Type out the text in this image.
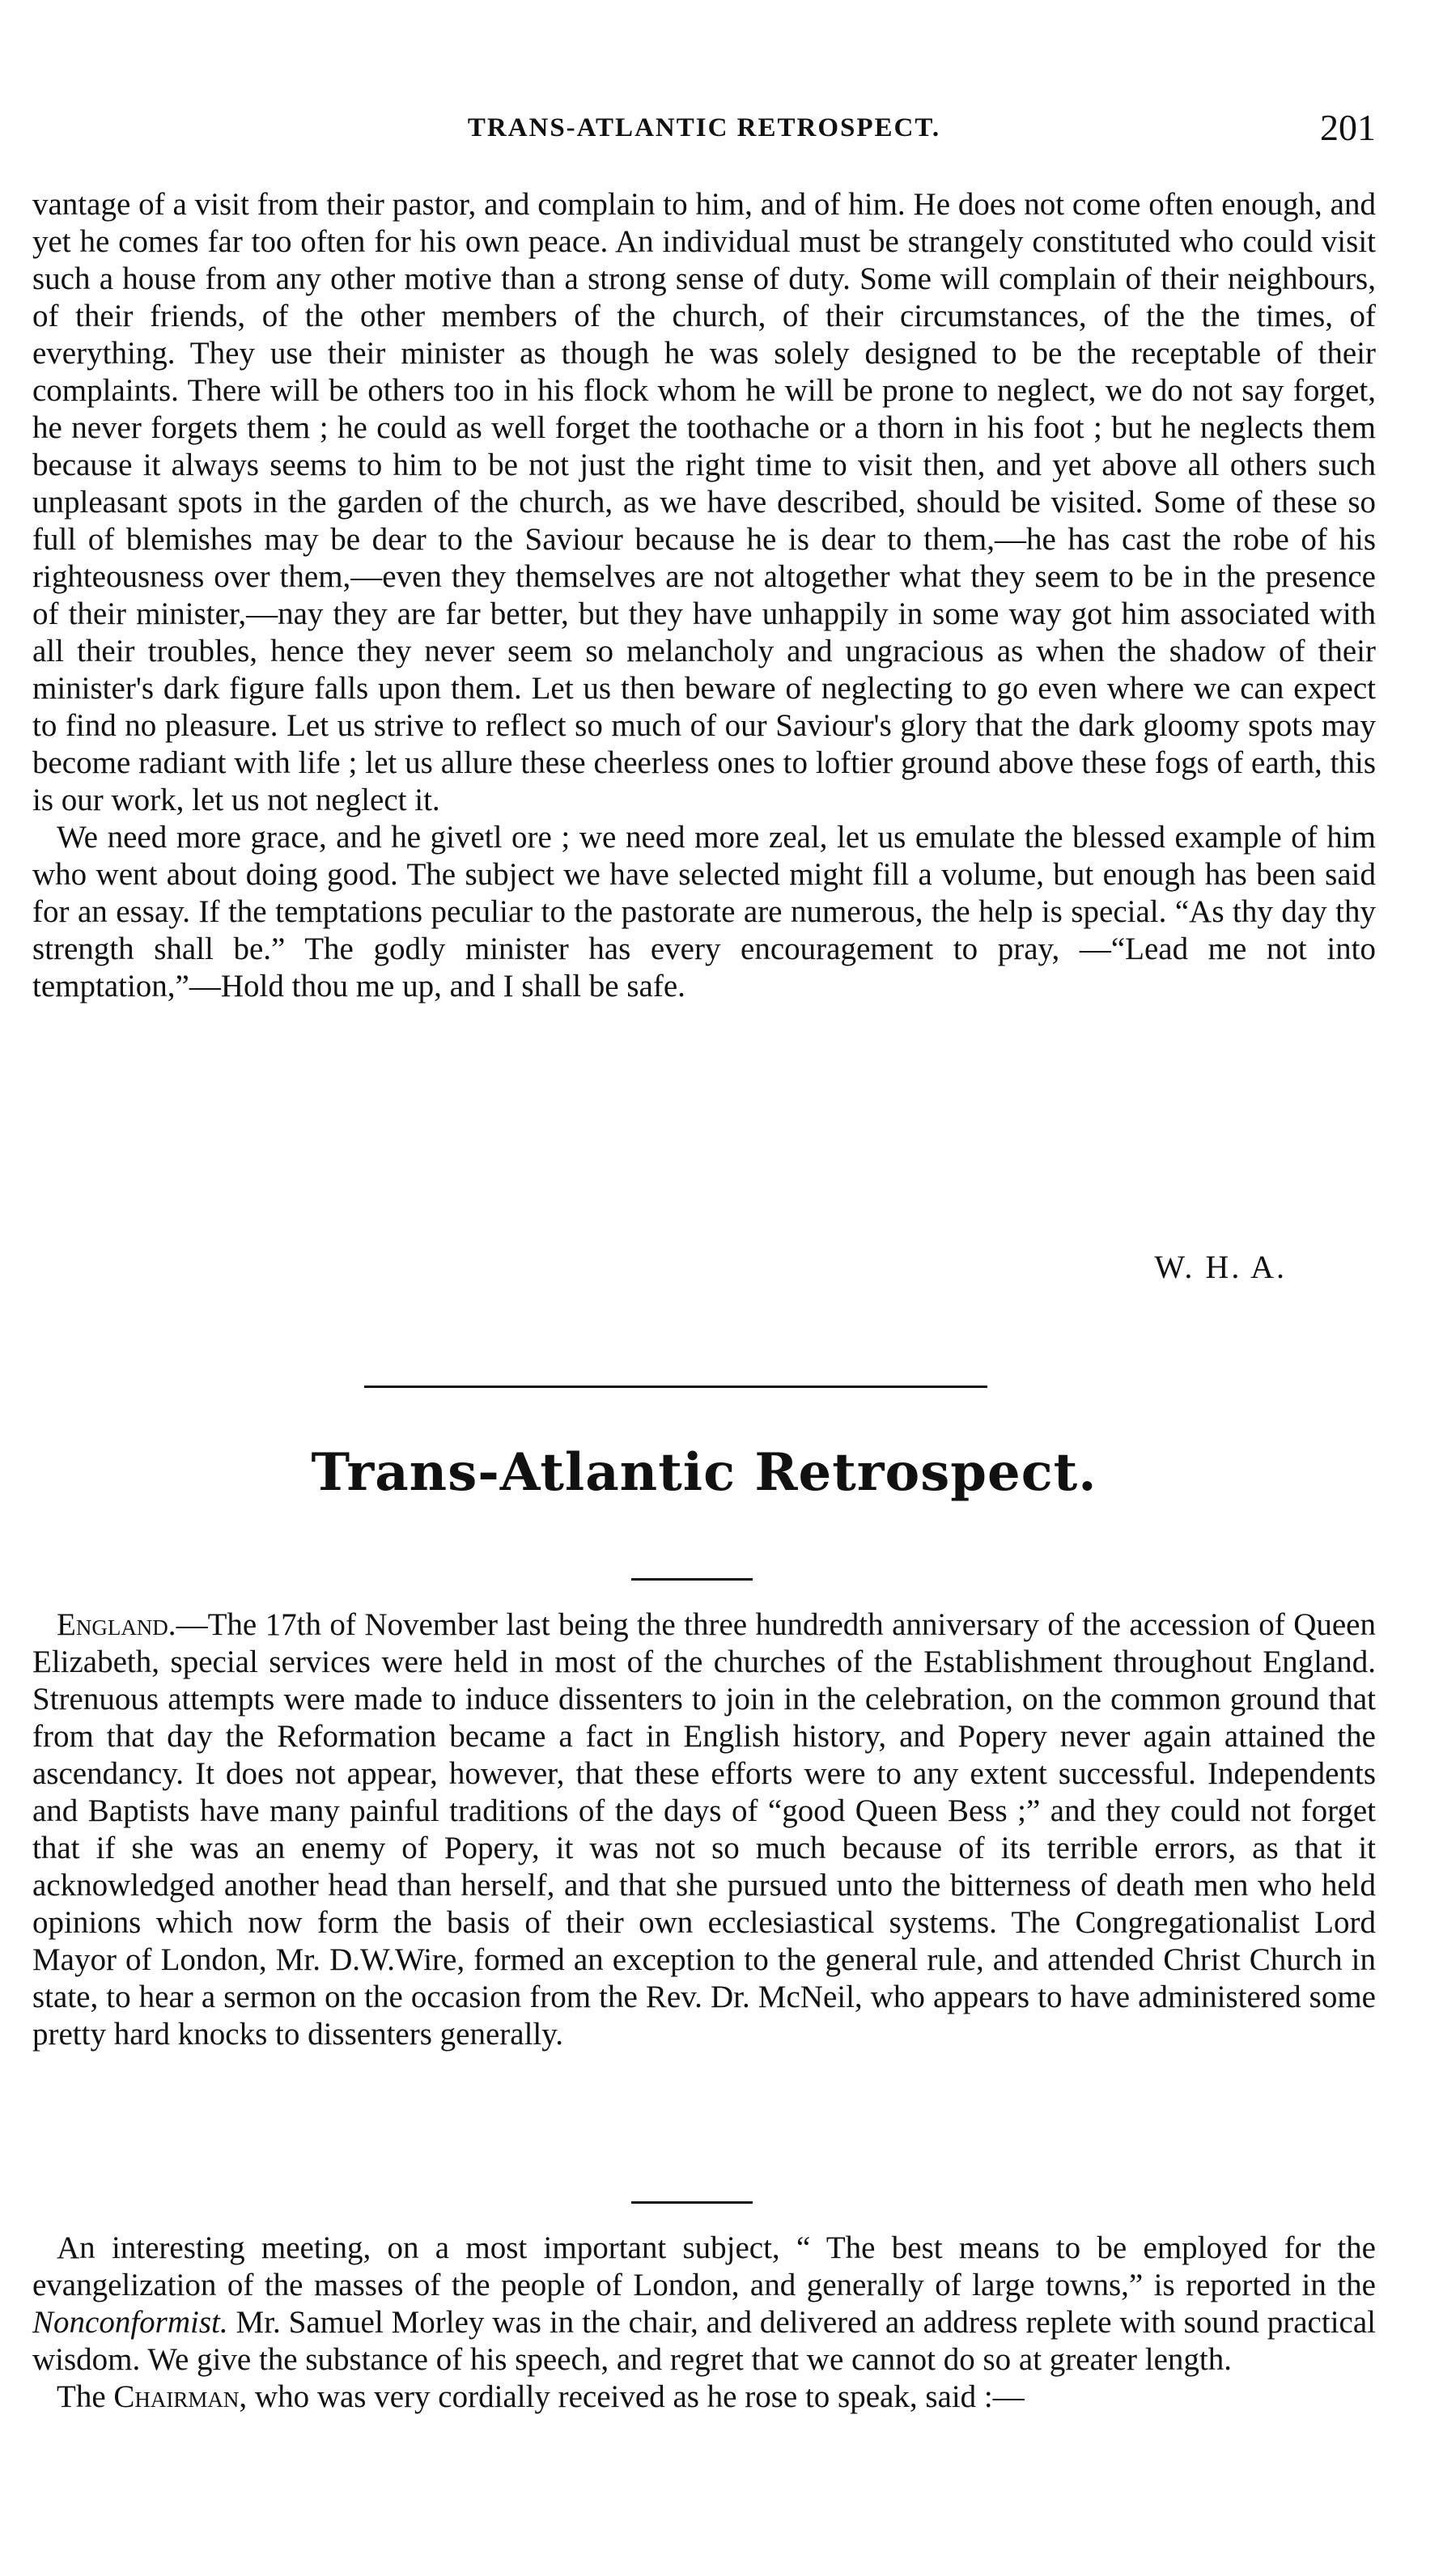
TRANS-ATLANTIC RETROSPECT.	201

vantage of a visit from their pastor, and complain to him, and of him. He does not come often enough, and yet he comes far too often for his own peace. An individual must be strangely constituted who could visit such a house from any other motive than a strong sense of duty. Some will complain of their neighbours, of their friends, of the other members of the church, of their circumstances, of the the times, of everything. They use their minister as though he was solely designed to be the receptable of their complaints. There will be others too in his flock whom he will be prone to neglect, we do not say forget, he never forgets them ; he could as well forget the toothache or a thorn in his foot ; but he neglects them because it always seems to him to be not just the right time to visit then, and yet above all others such unpleasant spots in the garden of the church, as we have described, should be visited. Some of these so full of blemishes may be dear to the Saviour because he is dear to them,—he has cast the robe of his righteousness over them,—even they themselves are not altogether what they seem to be in the presence of their minister,—nay they are far better, but they have unhappily in some way got him associated with all their troubles, hence they never seem so melancholy and ungracious as when the shadow of their minister's dark figure falls upon them. Let us then beware of neglecting to go even where we can expect to find no pleasure. Let us strive to reflect so much of our Saviour's glory that the dark gloomy spots may become radiant with life ; let us allure these cheerless ones to loftier ground above these fogs of earth, this is our work, let us not neglect it.

We need more grace, and he givetl ore ; we need more zeal, let us emulate the blessed example of him who went about doing good. The subject we have selected might fill a volume, but enough has been said for an essay. If the temptations peculiar to the pastorate are numerous, the help is special. “As thy day thy strength shall be.” The godly minister has every encouragement to pray, —“Lead me not into temptation,”—Hold thou me up, and I shall be safe.

W. H. A.
Trans-Atlantic Retrospect.

England.—The 17th of November last being the three hundredth anniversary of the accession of Queen Elizabeth, special services were held in most of the churches of the Establishment throughout England. Strenuous attempts were made to induce dissenters to join in the celebration, on the common ground that from that day the Reformation became a fact in English history, and Popery never again attained the ascendancy. It does not appear, however, that these efforts were to any extent successful. Independents and Baptists have many painful traditions of the days of “good Queen Bess ;” and they could not forget that if she was an enemy of Popery, it was not so much because of its terrible errors, as that it acknowledged another head than herself, and that she pursued unto the bitterness of death men who held opinions which now form the basis of their own ecclesiastical systems. The Congregationalist Lord Mayor of London, Mr. D.W.Wire, formed an exception to the general rule, and attended Christ Church in state, to hear a sermon on the occasion from the Rev. Dr. McNeil, who appears to have administered some pretty hard knocks to dissenters generally.

An interesting meeting, on a most important subject, “ The best means to be employed for the evangelization of the masses of the people of London, and generally of large towns,” is reported in the Nonconformist. Mr. Samuel Morley was in the chair, and delivered an address replete with sound practical wisdom. We give the substance of his speech, and regret that we cannot do so at greater length.

The Chairman, who was very cordially received as he rose to speak, said :—
